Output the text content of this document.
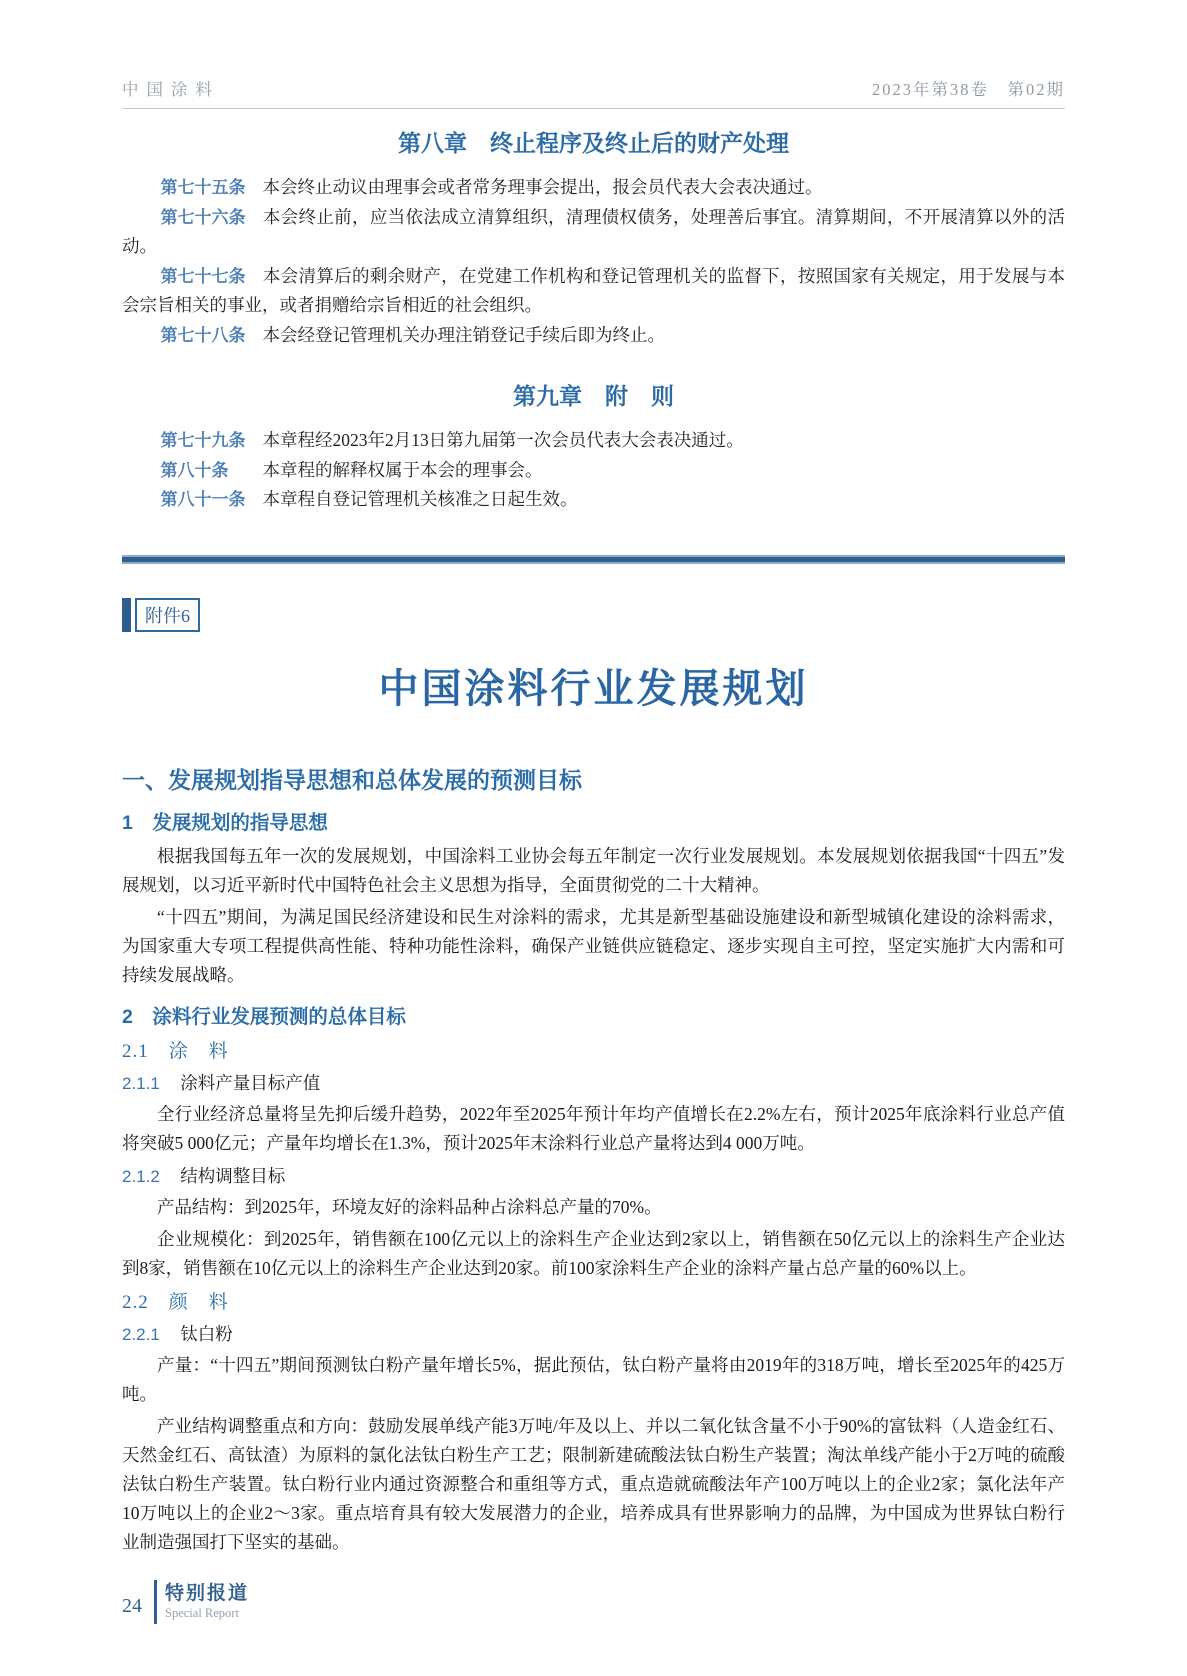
中国涂料	2023年第38卷　第02期
第八章　终止程序及终止后的财产处理

第七十五条 本会终止动议由理事会或者常务理事会提出，报会员代表大会表决通过。

第七十六条 本会终止前，应当依法成立清算组织，清理债权债务，处理善后事宜。清算期间，不开展清算以外的活动。

第七十七条 本会清算后的剩余财产，在党建工作机构和登记管理机关的监督下，按照国家有关规定，用于发展与本会宗旨相关的事业，或者捐赠给宗旨相近的社会组织。

第七十八条 本会经登记管理机关办理注销登记手续后即为终止。

第九章　附　则

第七十九条 本章程经2023年2月13日第九届第一次会员代表大会表决通过。

第八十条 本章程的解释权属于本会的理事会。

第八十一条 本章程自登记管理机关核准之日起生效。

附件6
中国涂料行业发展规划
一、发展规划指导思想和总体发展的预测目标
1　发展规划的指导思想

根据我国每五年一次的发展规划，中国涂料工业协会每五年制定一次行业发展规划。本发展规划依据我国“十四五”发展规划，以习近平新时代中国特色社会主义思想为指导，全面贯彻党的二十大精神。

“十四五”期间，为满足国民经济建设和民生对涂料的需求，尤其是新型基础设施建设和新型城镇化建设的涂料需求，为国家重大专项工程提供高性能、特种功能性涂料，确保产业链供应链稳定、逐步实现自主可控，坚定实施扩大内需和可持续发展战略。

2　涂料行业发展预测的总体目标
2.1　涂　料

2.1.1 涂料产量目标产值

全行业经济总量将呈先抑后缓升趋势，2022年至2025年预计年均产值增长在2.2%左右，预计2025年底涂料行业总产值将突破5 000亿元；产量年均增长在1.3%，预计2025年末涂料行业总产量将达到4 000万吨。

2.1.2 结构调整目标

产品结构：到2025年，环境友好的涂料品种占涂料总产量的70%。

企业规模化：到2025年，销售额在100亿元以上的涂料生产企业达到2家以上，销售额在50亿元以上的涂料生产企业达到8家，销售额在10亿元以上的涂料生产企业达到20家。前100家涂料生产企业的涂料产量占总产量的60%以上。

2.2　颜　料

2.2.1 钛白粉

产量：“十四五”期间预测钛白粉产量年增长5%，据此预估，钛白粉产量将由2019年的318万吨，增长至2025年的425万吨。

产业结构调整重点和方向：鼓励发展单线产能3万吨/年及以上、并以二氧化钛含量不小于90%的富钛料（人造金红石、天然金红石、高钛渣）为原料的氯化法钛白粉生产工艺；限制新建硫酸法钛白粉生产装置；淘汰单线产能小于2万吨的硫酸法钛白粉生产装置。钛白粉行业内通过资源整合和重组等方式，重点造就硫酸法年产100万吨以上的企业2家；氯化法年产10万吨以上的企业2～3家。重点培育具有较大发展潜力的企业，培养成具有世界影响力的品牌，为中国成为世界钛白粉行业制造强国打下坚实的基础。

24
特别报道
Special Report
